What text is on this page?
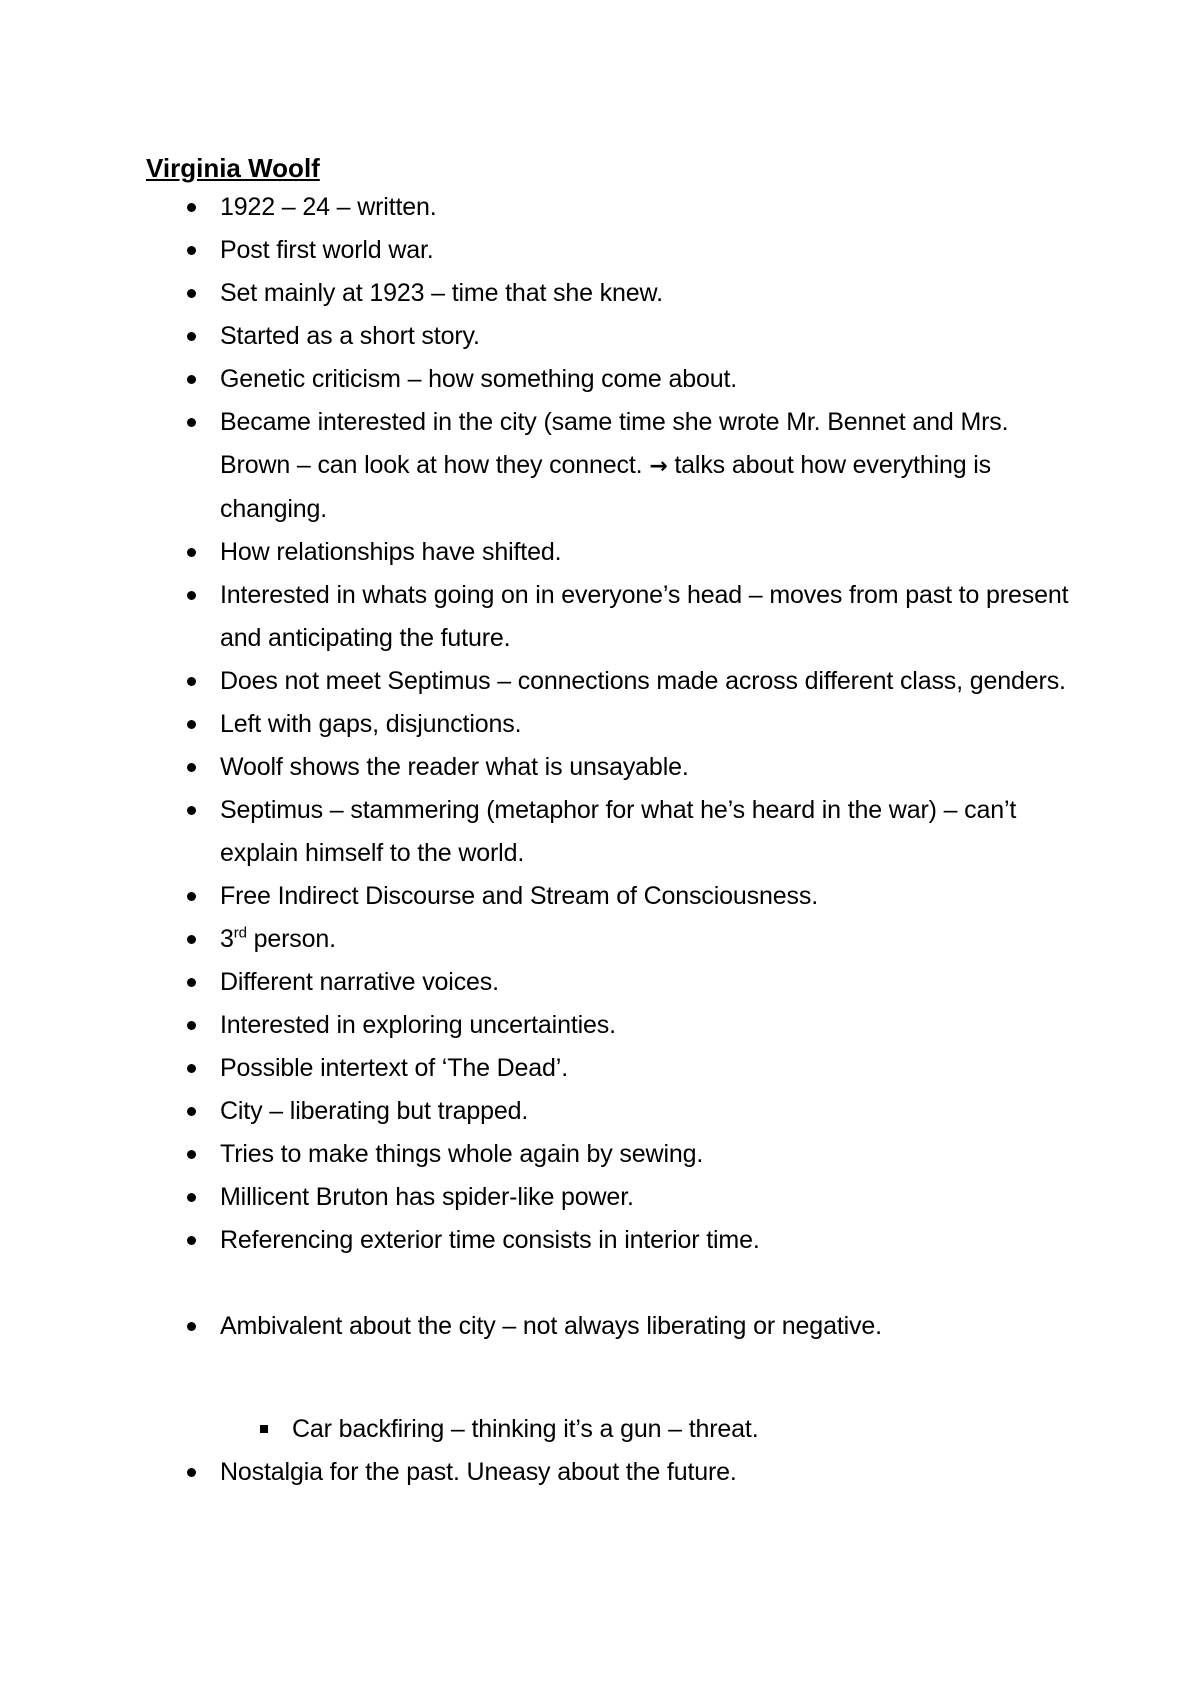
Virginia Woolf
1922 – 24 – written.
Post first world war.
Set mainly at 1923 – time that she knew.
Started as a short story.
Genetic criticism – how something come about.
Became interested in the city (same time she wrote Mr. Bennet and Mrs. Brown – can look at how they connect. → talks about how everything is changing.
How relationships have shifted.
Interested in whats going on in everyone’s head – moves from past to present and anticipating the future.
Does not meet Septimus – connections made across different class, genders.
Left with gaps, disjunctions.
Woolf shows the reader what is unsayable.
Septimus – stammering (metaphor for what he’s heard in the war) – can’t explain himself to the world.
Free Indirect Discourse and Stream of Consciousness.
3rd person.
Different narrative voices.
Interested in exploring uncertainties.
Possible intertext of ‘The Dead’.
City – liberating but trapped.
Tries to make things whole again by sewing.
Millicent Bruton has spider-like power.
Referencing exterior time consists in interior time.
Ambivalent about the city – not always liberating or negative.
Car backfiring – thinking it’s a gun – threat.
Nostalgia for the past. Uneasy about the future.
